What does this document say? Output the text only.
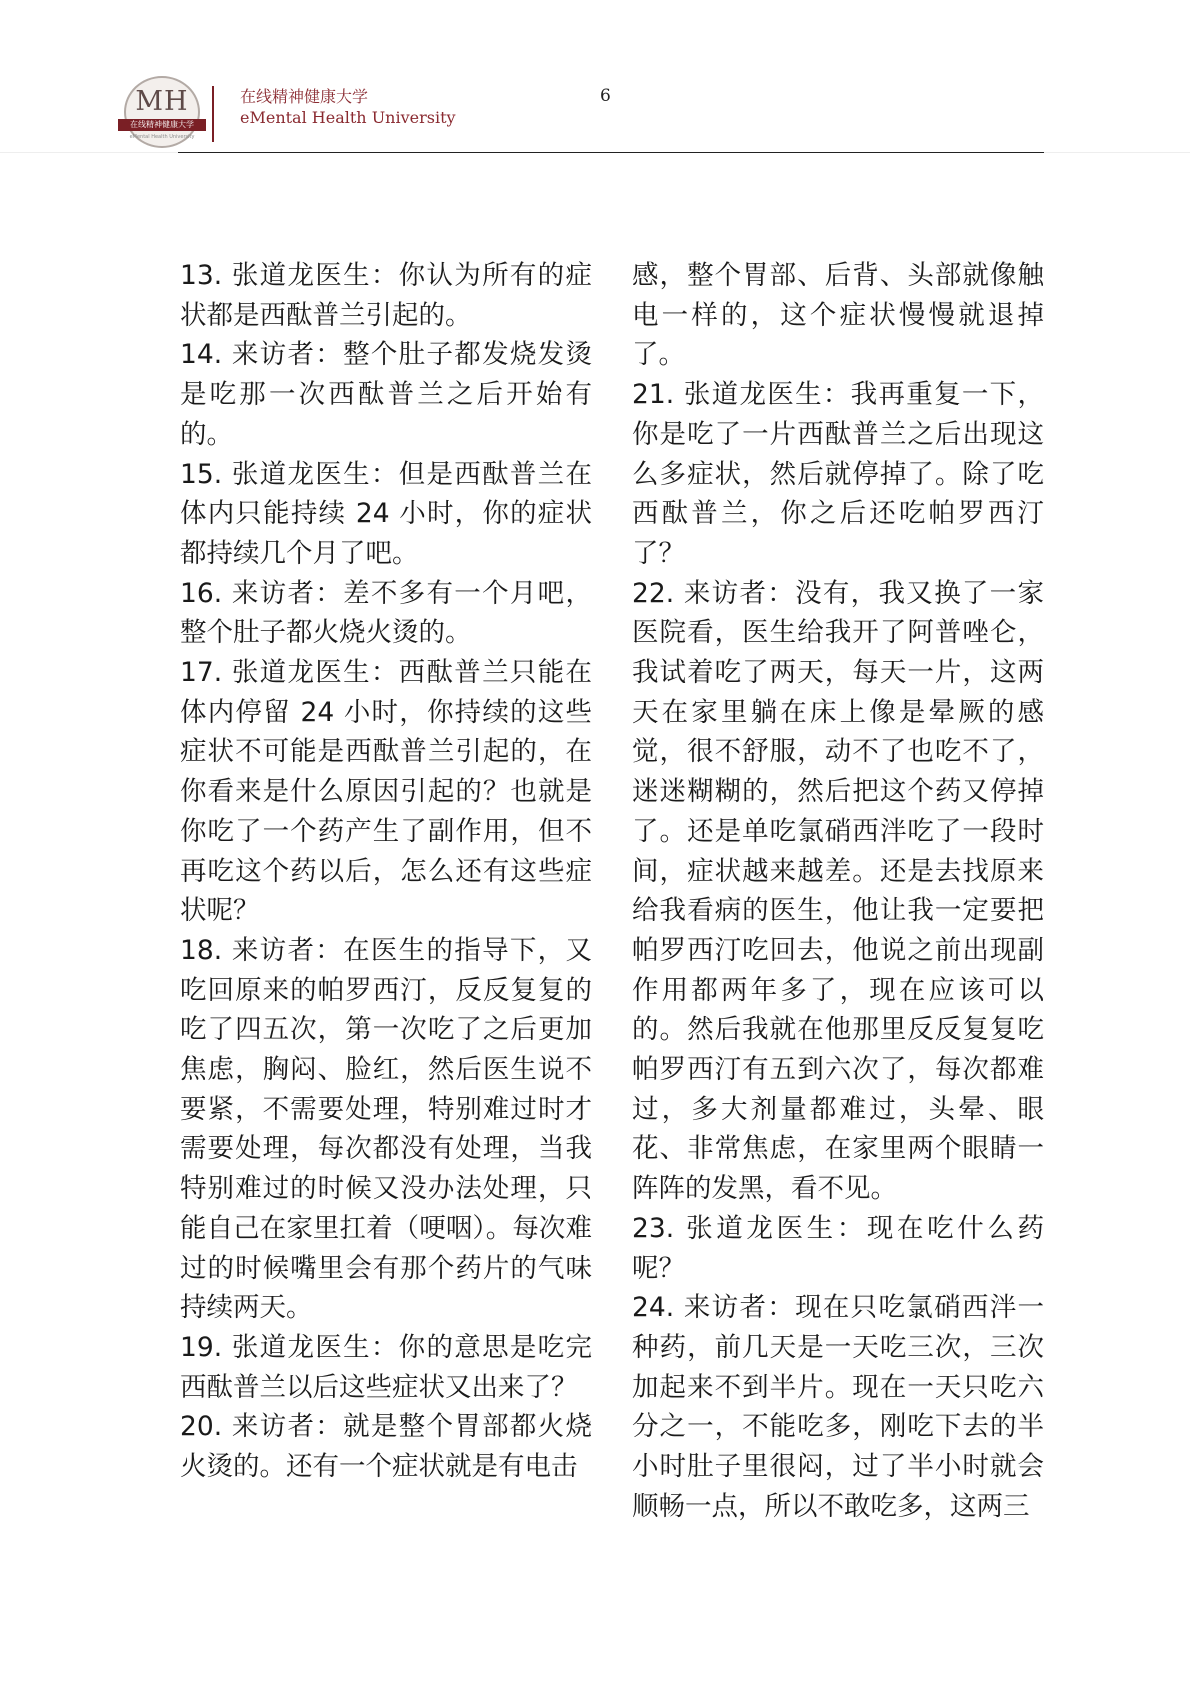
MH
在线精神健康大学
eMental Health University
在线精神健康大学
eMental Health University
6

13. 张道龙医生：你认为所有的症状都是西酞普兰引起的。

14. 来访者：整个肚子都发烧发烫是吃那一次西酞普兰之后开始有的。

15. 张道龙医生：但是西酞普兰在体内只能持续 24 小时，你的症状都持续几个月了吧。

16. 来访者：差不多有一个月吧，整个肚子都火烧火烫的。

17. 张道龙医生：西酞普兰只能在体内停留 24 小时，你持续的这些症状不可能是西酞普兰引起的，在你看来是什么原因引起的？也就是你吃了一个药产生了副作用，但不再吃这个药以后，怎么还有这些症状呢？

18. 来访者：在医生的指导下，又吃回原来的帕罗西汀，反反复复的吃了四五次，第一次吃了之后更加焦虑，胸闷、脸红，然后医生说不要紧，不需要处理，特别难过时才需要处理，每次都没有处理，当我特别难过的时候又没办法处理，只能自己在家里扛着（哽咽）。每次难过的时候嘴里会有那个药片的气味持续两天。

19. 张道龙医生：你的意思是吃完西酞普兰以后这些症状又出来了？

20. 来访者：就是整个胃部都火烧火烫的。还有一个症状就是有电击

感，整个胃部、后背、头部就像触电一样的，这个症状慢慢就退掉了。

21. 张道龙医生：我再重复一下，你是吃了一片西酞普兰之后出现这么多症状，然后就停掉了。除了吃西酞普兰，你之后还吃帕罗西汀了？

22. 来访者：没有，我又换了一家医院看，医生给我开了阿普唑仑，我试着吃了两天，每天一片，这两天在家里躺在床上像是晕厥的感觉，很不舒服，动不了也吃不了，迷迷糊糊的，然后把这个药又停掉了。还是单吃氯硝西泮吃了一段时间，症状越来越差。还是去找原来给我看病的医生，他让我一定要把帕罗西汀吃回去，他说之前出现副作用都两年多了，现在应该可以的。然后我就在他那里反反复复吃帕罗西汀有五到六次了，每次都难过，多大剂量都难过，头晕、眼花、非常焦虑，在家里两个眼睛一阵阵的发黑，看不见。

23. 张道龙医生：现在吃什么药呢？

24. 来访者：现在只吃氯硝西泮一种药，前几天是一天吃三次，三次加起来不到半片。现在一天只吃六分之一，不能吃多，刚吃下去的半小时肚子里很闷，过了半小时就会顺畅一点，所以不敢吃多，这两三
